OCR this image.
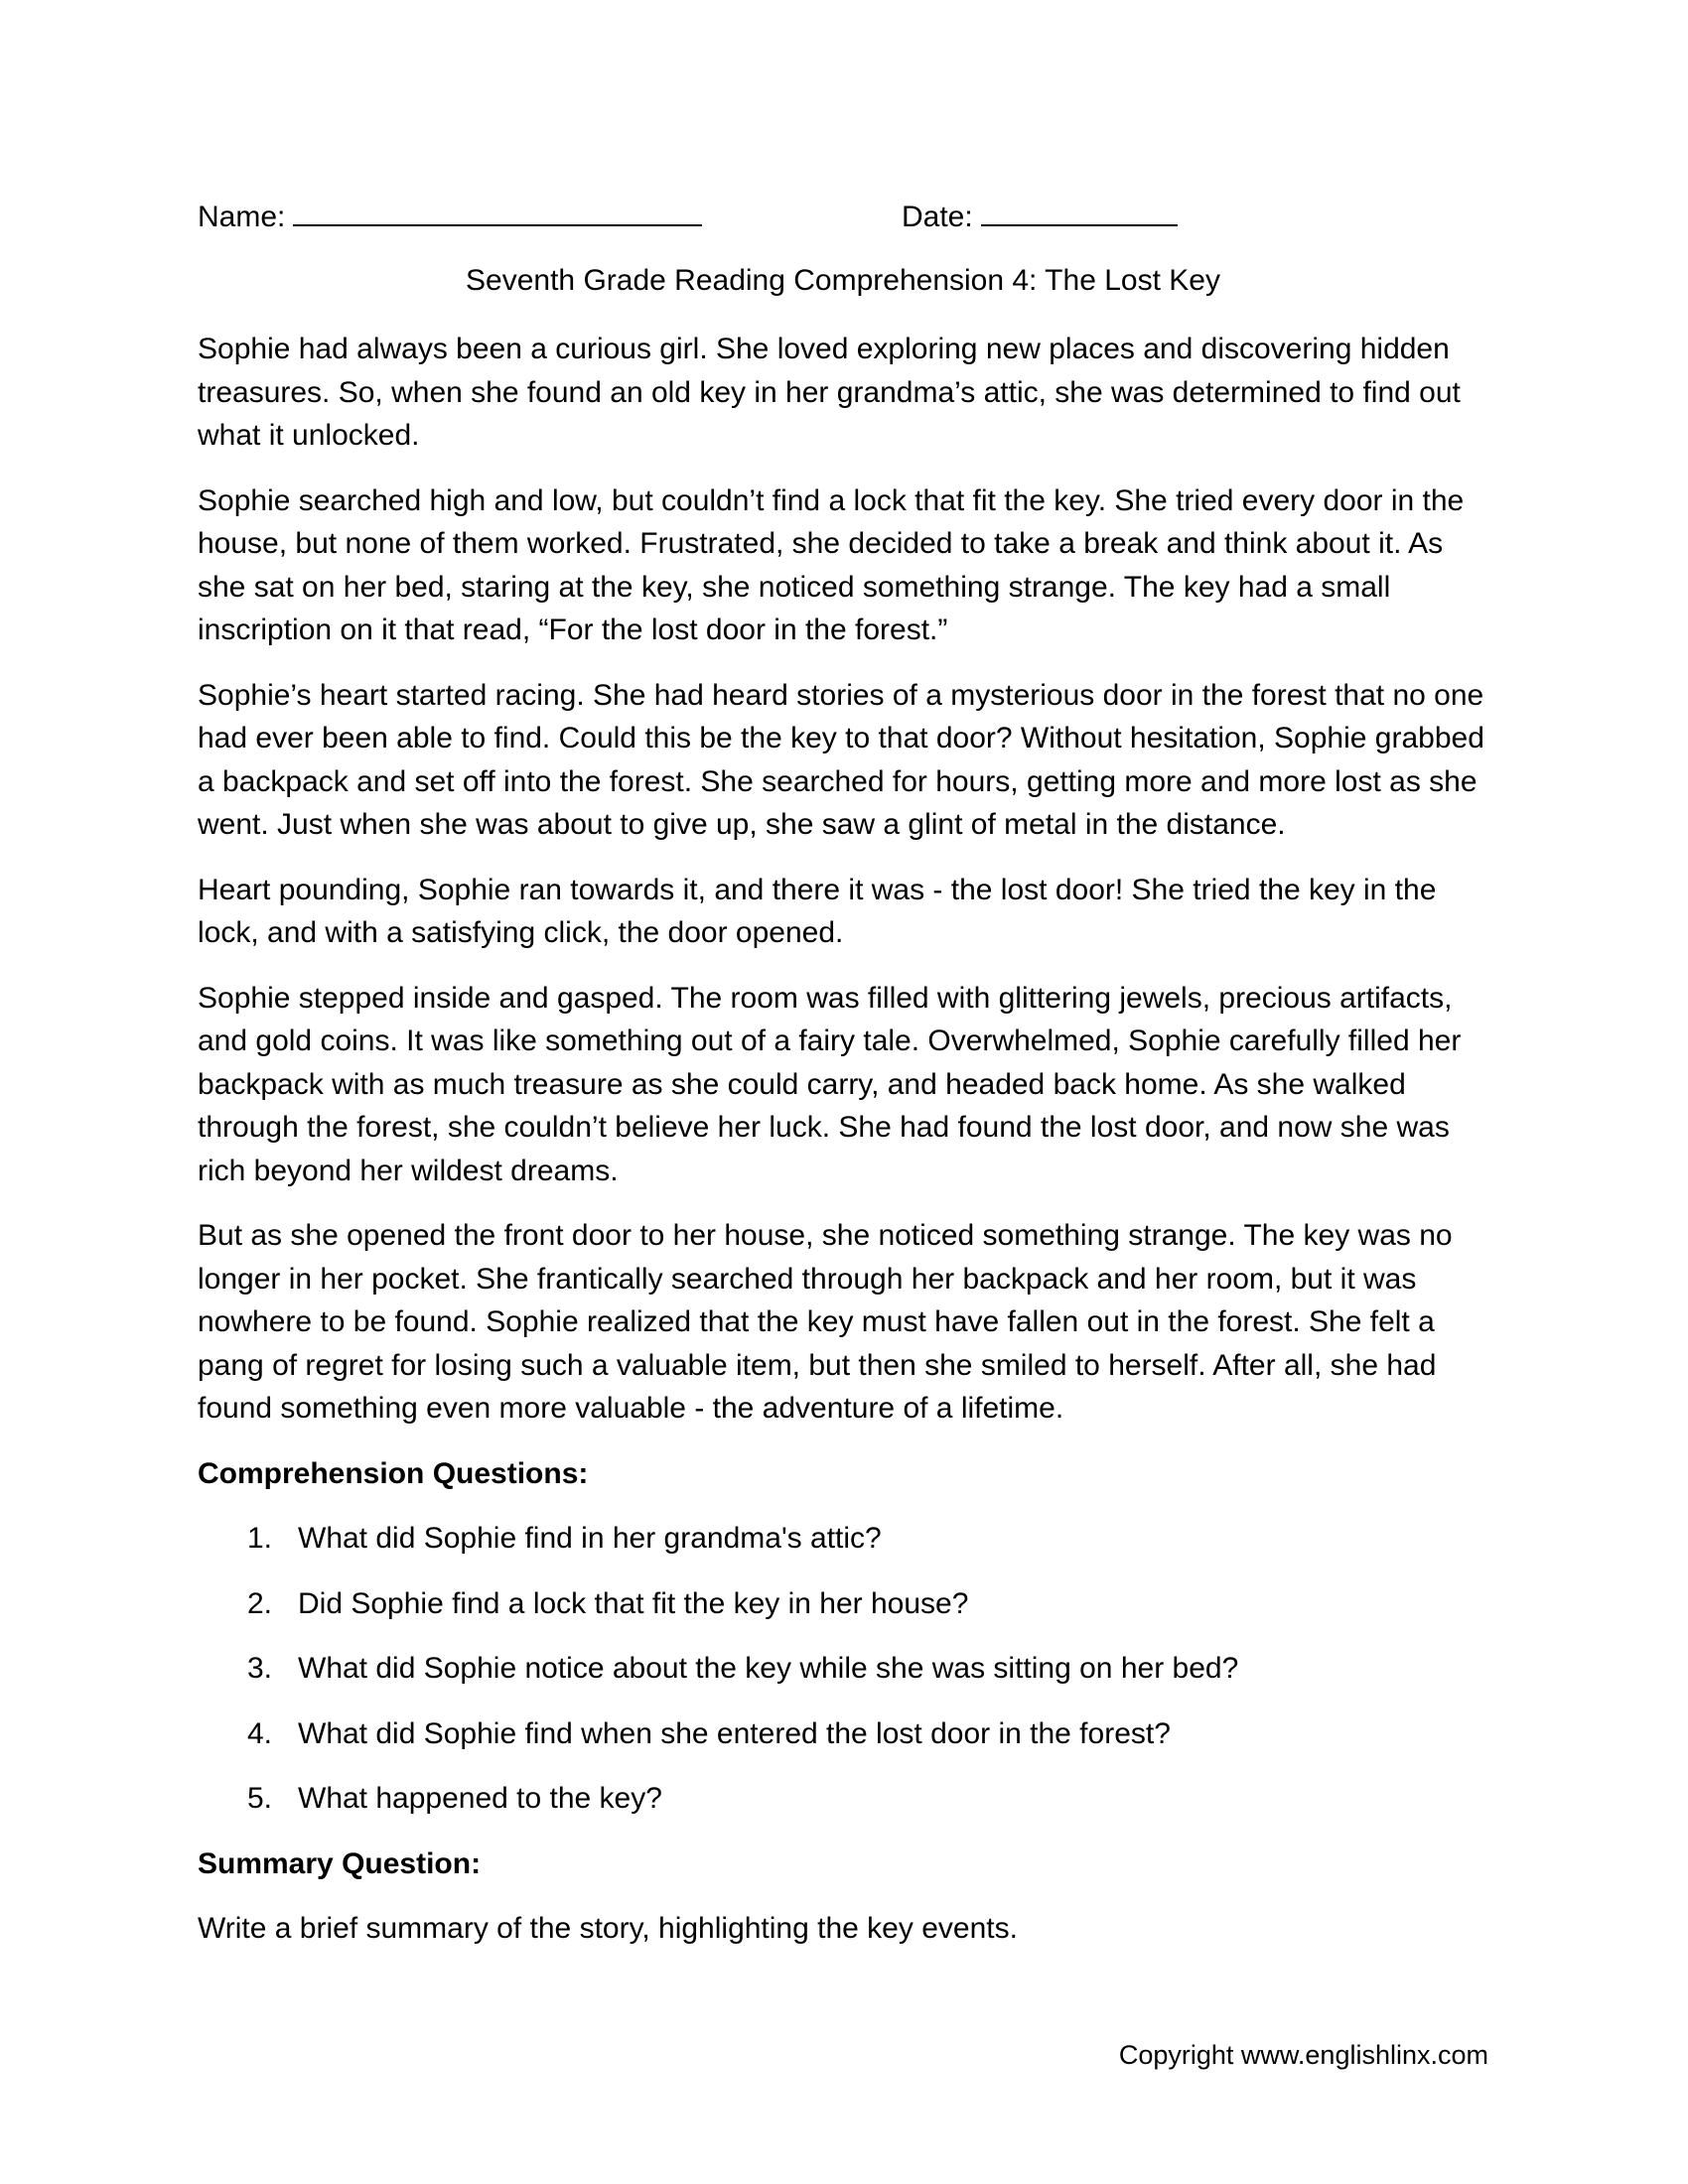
Name:	Date:
Seventh Grade Reading Comprehension 4: The Lost Key

Sophie had always been a curious girl. She loved exploring new places and discovering hidden treasures. So, when she found an old key in her grandma’s attic, she was determined to find out what it unlocked.

Sophie searched high and low, but couldn’t find a lock that fit the key. She tried every door in the house, but none of them worked. Frustrated, she decided to take a break and think about it. As she sat on her bed, staring at the key, she noticed something strange. The key had a small inscription on it that read, “For the lost door in the forest.”

Sophie’s heart started racing. She had heard stories of a mysterious door in the forest that no one had ever been able to find. Could this be the key to that door? Without hesitation, Sophie grabbed a backpack and set off into the forest. She searched for hours, getting more and more lost as she went. Just when she was about to give up, she saw a glint of metal in the distance.

Heart pounding, Sophie ran towards it, and there it was - the lost door! She tried the key in the lock, and with a satisfying click, the door opened.

Sophie stepped inside and gasped. The room was filled with glittering jewels, precious artifacts, and gold coins. It was like something out of a fairy tale. Overwhelmed, Sophie carefully filled her backpack with as much treasure as she could carry, and headed back home. As she walked through the forest, she couldn’t believe her luck. She had found the lost door, and now she was rich beyond her wildest dreams.

But as she opened the front door to her house, she noticed something strange. The key was no longer in her pocket. She frantically searched through her backpack and her room, but it was nowhere to be found. Sophie realized that the key must have fallen out in the forest. She felt a pang of regret for losing such a valuable item, but then she smiled to herself. After all, she had found something even more valuable - the adventure of a lifetime.

Comprehension Questions:
1. What did Sophie find in her grandma's attic?
2. Did Sophie find a lock that fit the key in her house?
3. What did Sophie notice about the key while she was sitting on her bed?
4. What did Sophie find when she entered the lost door in the forest?
5. What happened to the key?
Summary Question:

Write a brief summary of the story, highlighting the key events.

Copyright www.englishlinx.com
